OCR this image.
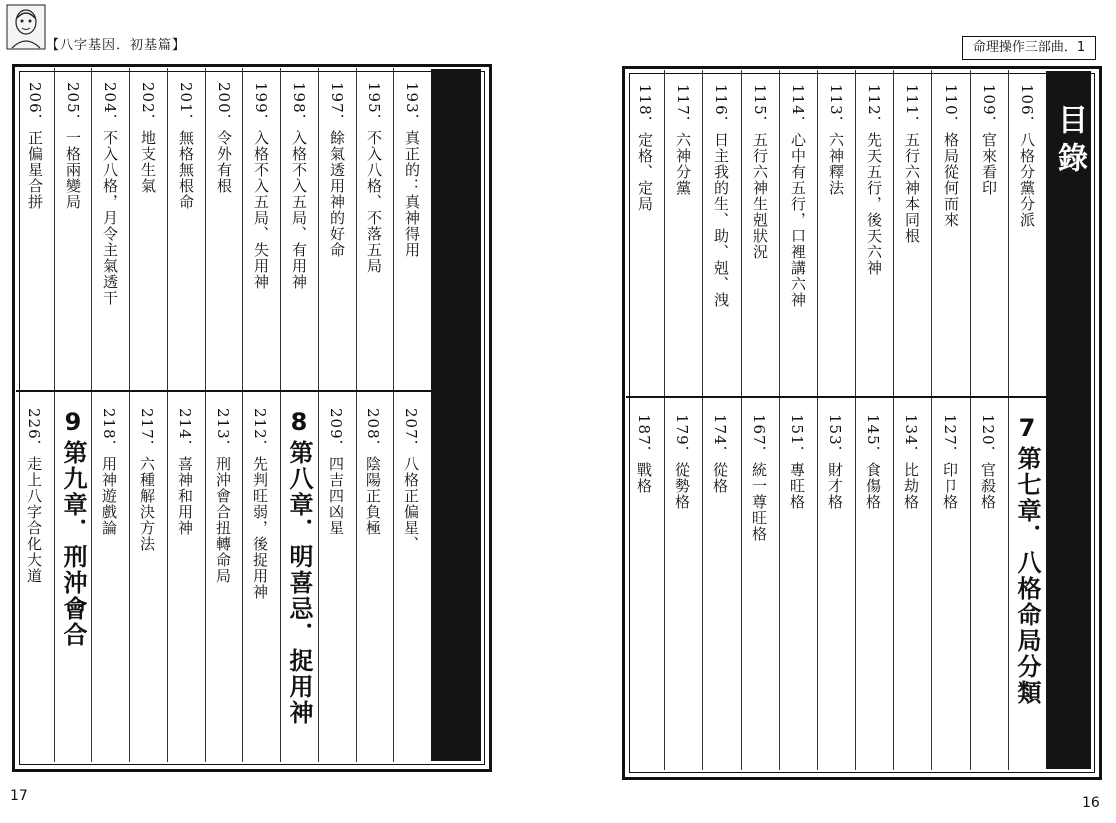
【八字基因．初基篇】	命理操作三部曲．1
目錄
193．真正的：真神得用
195．不入八格、不落五局
197．餘氣透用神的好命
198．入格不入五局、有用神
199．入格不入五局、失用神
200．令外有根
201．無格無根命
202．地支生氣
204．不入八格，月令主氣透干
205．一格兩變局
206．正偏星合拼
207．八格正偏星、
208．陰陽正負極
209．四吉四凶星
8
第八章．明喜忌．捉用神
212．先判旺弱，後捉用神
213．刑沖會合扭轉命局
214．喜神和用神
217．六種解決方法
218．用神遊戲論
9
第九章．刑沖會合
226．走上八字合化大道
106．八格分黨分派
109．官來看印
110．格局從何而來
111．五行六神本同根
112．先天五行，後天六神
113．六神釋法
114．心中有五行，口裡講六神
115．五行六神生剋狀況
116．日主我的生、助、剋、洩
117．六神分黨
118．定格、定局
7
第七章．八格命局分類
120．官殺格
127．印卩格
134．比劫格
145．食傷格
153．財才格
151．專旺格
167．統一尊旺格
174．從格
179．從勢格
187．戰格
17	16
